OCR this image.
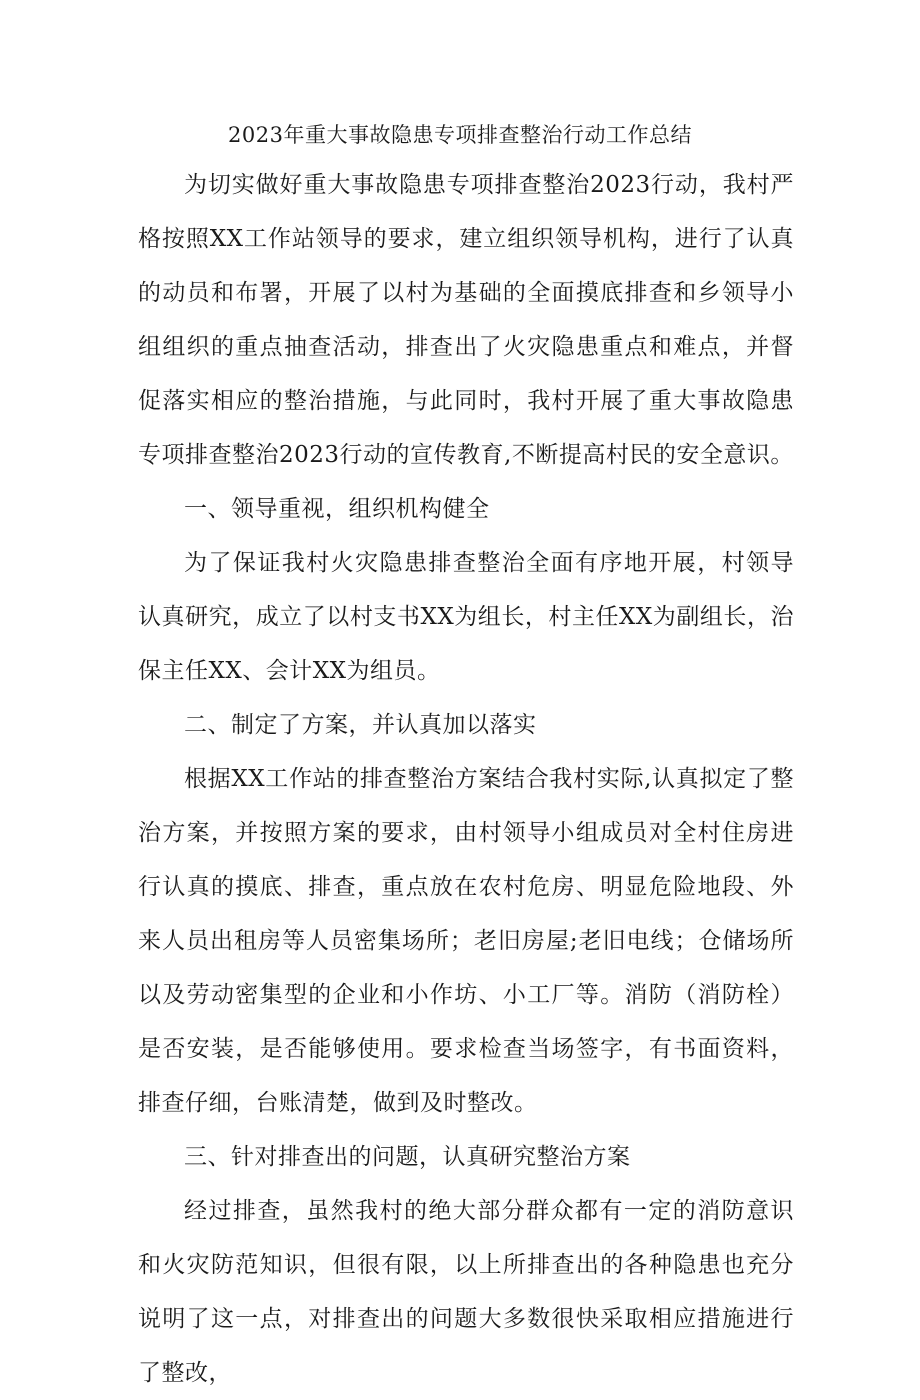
2023年重大事故隐患专项排查整治行动工作总结

为切实做好重大事故隐患专项排查整治2023行动，我村严格按照XX工作站领导的要求，建立组织领导机构，进行了认真的动员和布署，开展了以村为基础的全面摸底排查和乡领导小组组织的重点抽查活动，排查出了火灾隐患重点和难点，并督促落实相应的整治措施，与此同时，我村开展了重大事故隐患专项排查整治2023行动的宣传教育,不断提高村民的安全意识。

一、领导重视，组织机构健全

为了保证我村火灾隐患排查整治全面有序地开展，村领导认真研究，成立了以村支书XX为组长，村主任XX为副组长，治保主任XX、会计XX为组员。

二、制定了方案，并认真加以落实

根据XX工作站的排查整治方案结合我村实际,认真拟定了整治方案，并按照方案的要求，由村领导小组成员对全村住房进行认真的摸底、排查，重点放在农村危房、明显危险地段、外来人员出租房等人员密集场所；老旧房屋;老旧电线；仓储场所以及劳动密集型的企业和小作坊、小工厂等。消防（消防栓）是否安装，是否能够使用。要求检查当场签字，有书面资料，排查仔细，台账清楚，做到及时整改。

三、针对排查出的问题，认真研究整治方案

经过排查，虽然我村的绝大部分群众都有一定的消防意识和火灾防范知识，但很有限，以上所排查出的各种隐患也充分说明了这一点，对排查出的问题大多数很快采取相应措施进行了整改，
